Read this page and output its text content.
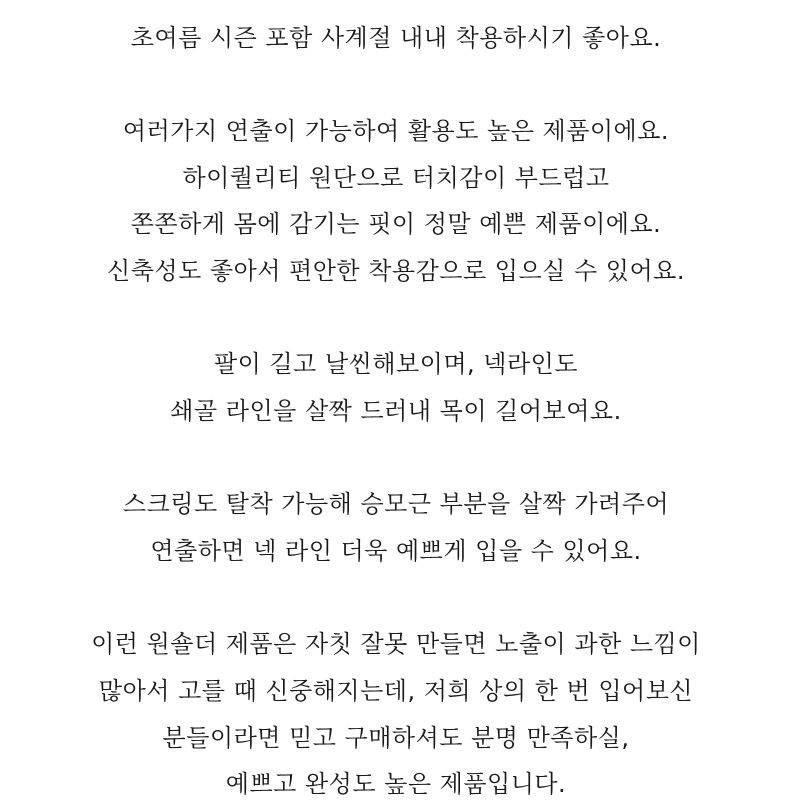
초여름 시즌 포함 사계절 내내 착용하시기 좋아요.
여러가지 연출이 가능하여 활용도 높은 제품이에요.
하이퀄리티 원단으로 터치감이 부드럽고
쫀쫀하게 몸에 감기는 핏이 정말 예쁜 제품이에요.
신축성도 좋아서 편안한 착용감으로 입으실 수 있어요.
팔이 길고 날씬해보이며, 넥라인도
쇄골 라인을 살짝 드러내 목이 길어보여요.
스크링도 탈착 가능해 승모근 부분을 살짝 가려주어
연출하면 넥 라인 더욱 예쁘게 입을 수 있어요.
이런 원숄더 제품은 자칫 잘못 만들면 노출이 과한 느낌이
많아서 고를 때 신중해지는데, 저희 상의 한 번 입어보신
분들이라면 믿고 구매하셔도 분명 만족하실,
예쁘고 완성도 높은 제품입니다.
